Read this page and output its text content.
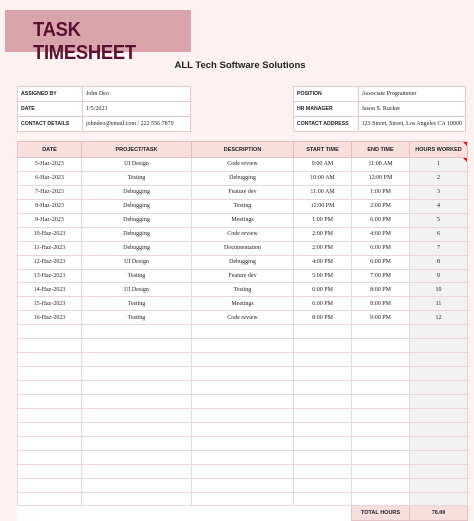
TASK TIMESHEET
ALL Tech Software Solutions
ASSIGNED BY	John Deo
DATE	1/5/2023
CONTACT DETAILS	johndeo@email.com / 222 556 7879
POSITION	Associate Programmer
HR MANAGER	Jason S. Rucker
CONTACT ADDRESS	123 Street, Street, Los Angeles CA 10000
DATE	PROJECT/TASK	DESCRIPTION	START TIME	END TIME	HOURS WORKED
5-Haz-2023	UI Design	Code review	9:00 AM	11:00 AM	1
6-Haz-2023	Testing	Debugging	10:00 AM	12:00 PM	2
7-Haz-2023	Debugging	Feature dev	11:00 AM	1:00 PM	3
8-Haz-2023	Debugging	Testing	12:00 PM	2:00 PM	4
9-Haz-2023	Debugging	Meetings	1:00 PM	6:00 PM	5
10-Haz-2023	Debugging	Code review	2:00 PM	4:00 PM	6
11-Haz-2023	Debugging	Documentation	2:00 PM	6:00 PM	7
12-Haz-2023	UI Design	Debugging	4:00 PM	6:00 PM	8
13-Haz-2023	Testing	Feature dev	5:00 PM	7:00 PM	9
14-Haz-2023	UI Design	Testing	6:00 PM	8:00 PM	10
15-Haz-2023	Testing	Meetings	6:00 PM	8:00 PM	11
16-Haz-2023	Testing	Code review	8:00 PM	9:00 PM	12

				TOTAL HOURS	78.00
